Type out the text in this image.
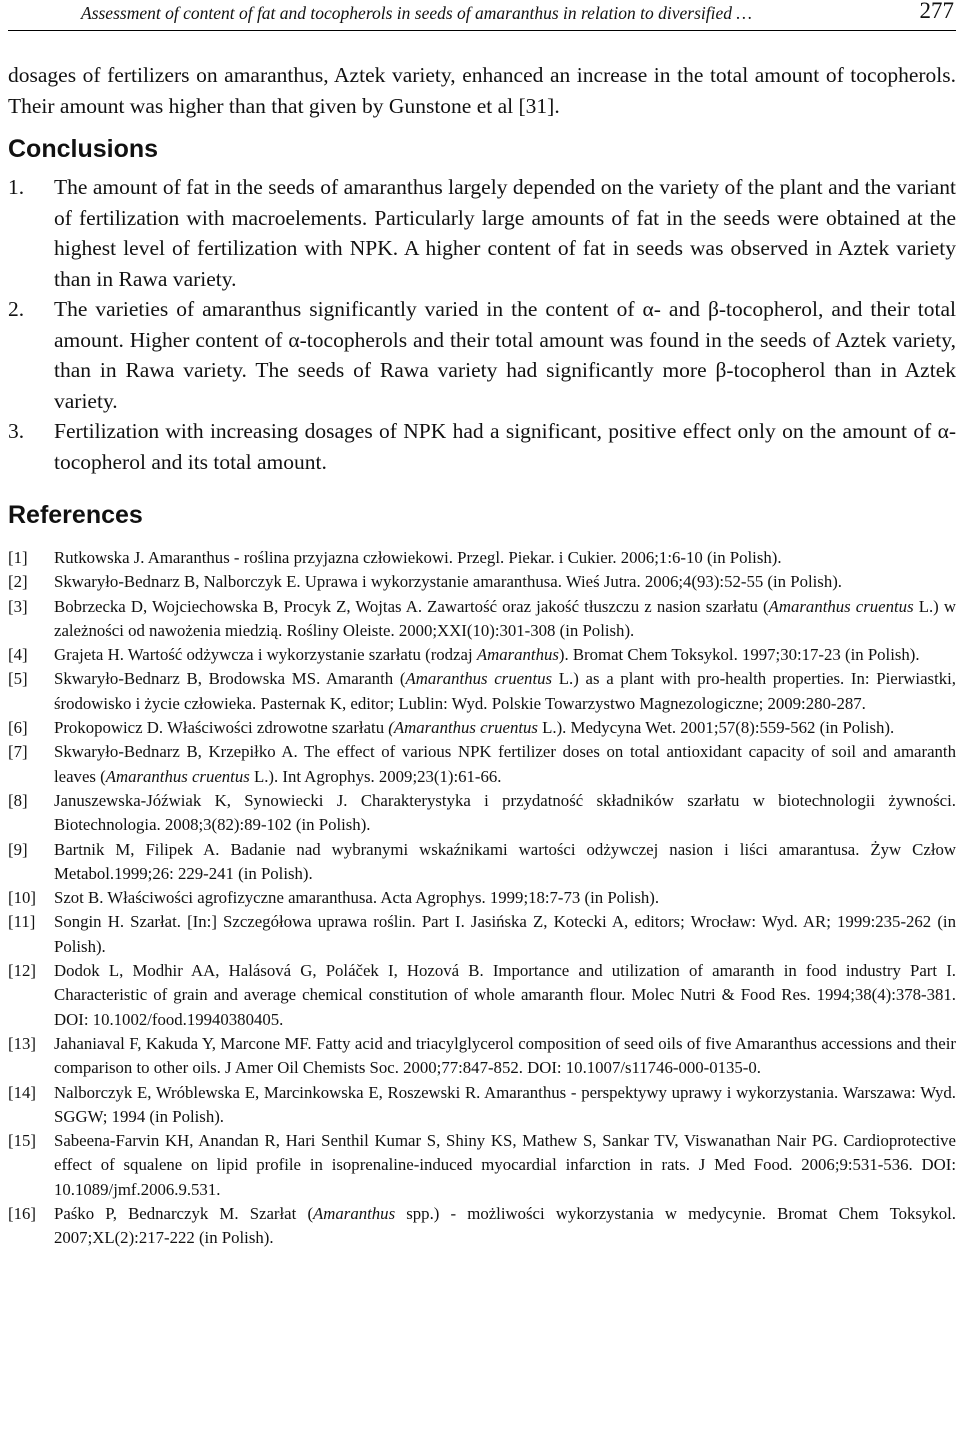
Assessment of content of fat and tocopherols in seeds of amaranthus in relation to diversified …	277

dosages of fertilizers on amaranthus, Aztek variety, enhanced an increase in the total amount of tocopherols. Their amount was higher than that given by Gunstone et al [31].

Conclusions
1. The amount of fat in the seeds of amaranthus largely depended on the variety of the plant and the variant of fertilization with macroelements. Particularly large amounts of fat in the seeds were obtained at the highest level of fertilization with NPK. A higher content of fat in seeds was observed in Aztek variety than in Rawa variety.
2. The varieties of amaranthus significantly varied in the content of α- and β-tocopherol, and their total amount. Higher content of α-tocopherols and their total amount was found in the seeds of Aztek variety, than in Rawa variety. The seeds of Rawa variety had significantly more β-tocopherol than in Aztek variety.
3. Fertilization with increasing dosages of NPK had a significant, positive effect only on the amount of α- tocopherol and its total amount.
References
[1] Rutkowska J. Amaranthus - roślina przyjazna człowiekowi. Przegl. Piekar. i Cukier. 2006;1:6-10 (in Polish).
[2] Skwaryło-Bednarz B, Nalborczyk E. Uprawa i wykorzystanie amaranthusa. Wieś Jutra. 2006;4(93):52-55 (in Polish).
[3] Bobrzecka D, Wojciechowska B, Procyk Z, Wojtas A. Zawartość oraz jakość tłuszczu z nasion szarłatu (Amaranthus cruentus L.) w zależności od nawożenia miedzią. Rośliny Oleiste. 2000;XXI(10):301-308 (in Polish).
[4] Grajeta H. Wartość odżywcza i wykorzystanie szarłatu (rodzaj Amaranthus). Bromat Chem Toksykol. 1997;30:17-23 (in Polish).
[5] Skwaryło-Bednarz B, Brodowska MS. Amaranth (Amaranthus cruentus L.) as a plant with pro-health properties. In: Pierwiastki, środowisko i życie człowieka. Pasternak K, editor; Lublin: Wyd. Polskie Towarzystwo Magnezologiczne; 2009:280-287.
[6] Prokopowicz D. Właściwości zdrowotne szarłatu (Amaranthus cruentus L.). Medycyna Wet. 2001;57(8):559-562 (in Polish).
[7] Skwaryło-Bednarz B, Krzepiłko A. The effect of various NPK fertilizer doses on total antioxidant capacity of soil and amaranth leaves (Amaranthus cruentus L.). Int Agrophys. 2009;23(1):61-66.
[8] Januszewska-Jóźwiak K, Synowiecki J. Charakterystyka i przydatność składników szarłatu w biotechnologii żywności. Biotechnologia. 2008;3(82):89-102 (in Polish).
[9] Bartnik M, Filipek A. Badanie nad wybranymi wskaźnikami wartości odżywczej nasion i liści amarantusa. Żyw Człow Metabol.1999;26: 229-241 (in Polish).
[10] Szot B. Właściwości agrofizyczne amaranthusa. Acta Agrophys. 1999;18:7-73 (in Polish).
[11] Songin H. Szarłat. [In:] Szczegółowa uprawa roślin. Part I. Jasińska Z, Kotecki A, editors; Wrocław: Wyd. AR; 1999:235-262 (in Polish).
[12] Dodok L, Modhir AA, Halásová G, Poláček I, Hozová B. Importance and utilization of amaranth in food industry Part I. Characteristic of grain and average chemical constitution of whole amaranth flour. Molec Nutri & Food Res. 1994;38(4):378-381. DOI: 10.1002/food.19940380405.
[13] Jahaniaval F, Kakuda Y, Marcone MF. Fatty acid and triacylglycerol composition of seed oils of five Amaranthus accessions and their comparison to other oils. J Amer Oil Chemists Soc. 2000;77:847-852. DOI: 10.1007/s11746-000-0135-0.
[14] Nalborczyk E, Wróblewska E, Marcinkowska E, Roszewski R. Amaranthus - perspektywy uprawy i wykorzystania. Warszawa: Wyd. SGGW; 1994 (in Polish).
[15] Sabeena-Farvin KH, Anandan R, Hari Senthil Kumar S, Shiny KS, Mathew S, Sankar TV, Viswanathan Nair PG. Cardioprotective effect of squalene on lipid profile in isoprenaline-induced myocardial infarction in rats. J Med Food. 2006;9:531-536. DOI: 10.1089/jmf.2006.9.531.
[16] Paśko P, Bednarczyk M. Szarłat (Amaranthus spp.) - możliwości wykorzystania w medycynie. Bromat Chem Toksykol. 2007;XL(2):217-222 (in Polish).
